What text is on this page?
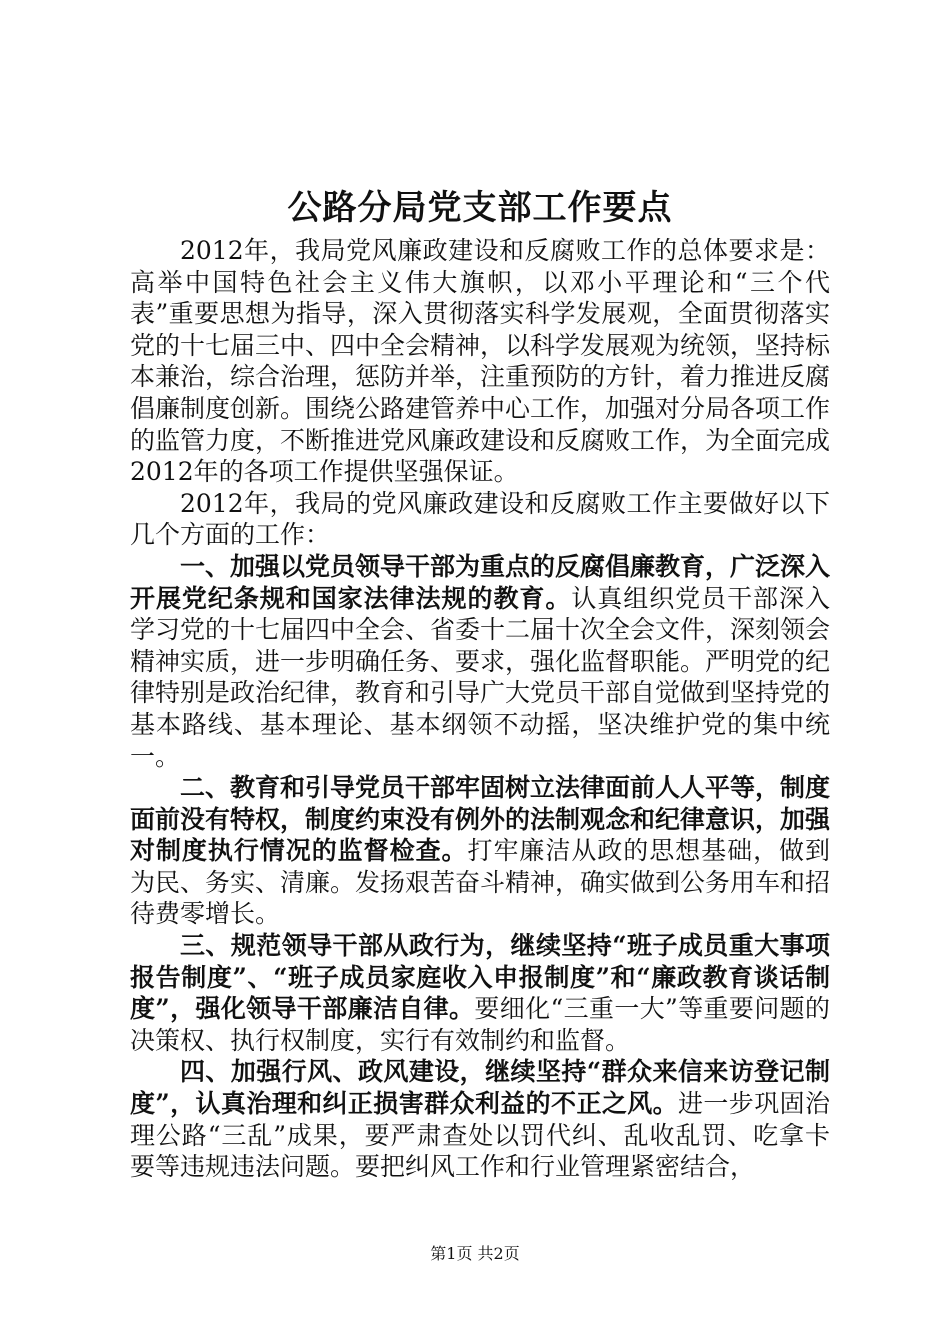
公路分局党支部工作要点

2012年，我局党风廉政建设和反腐败工作的总体要求是：高举中国特色社会主义伟大旗帜，以邓小平理论和“三个代表”重要思想为指导，深入贯彻落实科学发展观，全面贯彻落实党的十七届三中、四中全会精神，以科学发展观为统领，坚持标本兼治，综合治理，惩防并举，注重预防的方针，着力推进反腐倡廉制度创新。围绕公路建管养中心工作，加强对分局各项工作的监管力度，不断推进党风廉政建设和反腐败工作，为全面完成2012年的各项工作提供坚强保证。

2012年，我局的党风廉政建设和反腐败工作主要做好以下几个方面的工作：

一、加强以党员领导干部为重点的反腐倡廉教育，广泛深入开展党纪条规和国家法律法规的教育。认真组织党员干部深入学习党的十七届四中全会、省委十二届十次全会文件，深刻领会精神实质，进一步明确任务、要求，强化监督职能。严明党的纪律特别是政治纪律，教育和引导广大党员干部自觉做到坚持党的基本路线、基本理论、基本纲领不动摇，坚决维护党的集中统一。

二、教育和引导党员干部牢固树立法律面前人人平等，制度面前没有特权，制度约束没有例外的法制观念和纪律意识，加强对制度执行情况的监督检查。打牢廉洁从政的思想基础，做到为民、务实、清廉。发扬艰苦奋斗精神，确实做到公务用车和招待费零增长。

三、规范领导干部从政行为，继续坚持“班子成员重大事项报告制度”、“班子成员家庭收入申报制度”和“廉政教育谈话制度”，强化领导干部廉洁自律。要细化“三重一大”等重要问题的决策权、执行权制度，实行有效制约和监督。

四、加强行风、政风建设，继续坚持“群众来信来访登记制度”，认真治理和纠正损害群众利益的不正之风。进一步巩固治理公路“三乱”成果，要严肃查处以罚代纠、乱收乱罚、吃拿卡要等违规违法问题。要把纠风工作和行业管理紧密结合，

第1页 共2页
